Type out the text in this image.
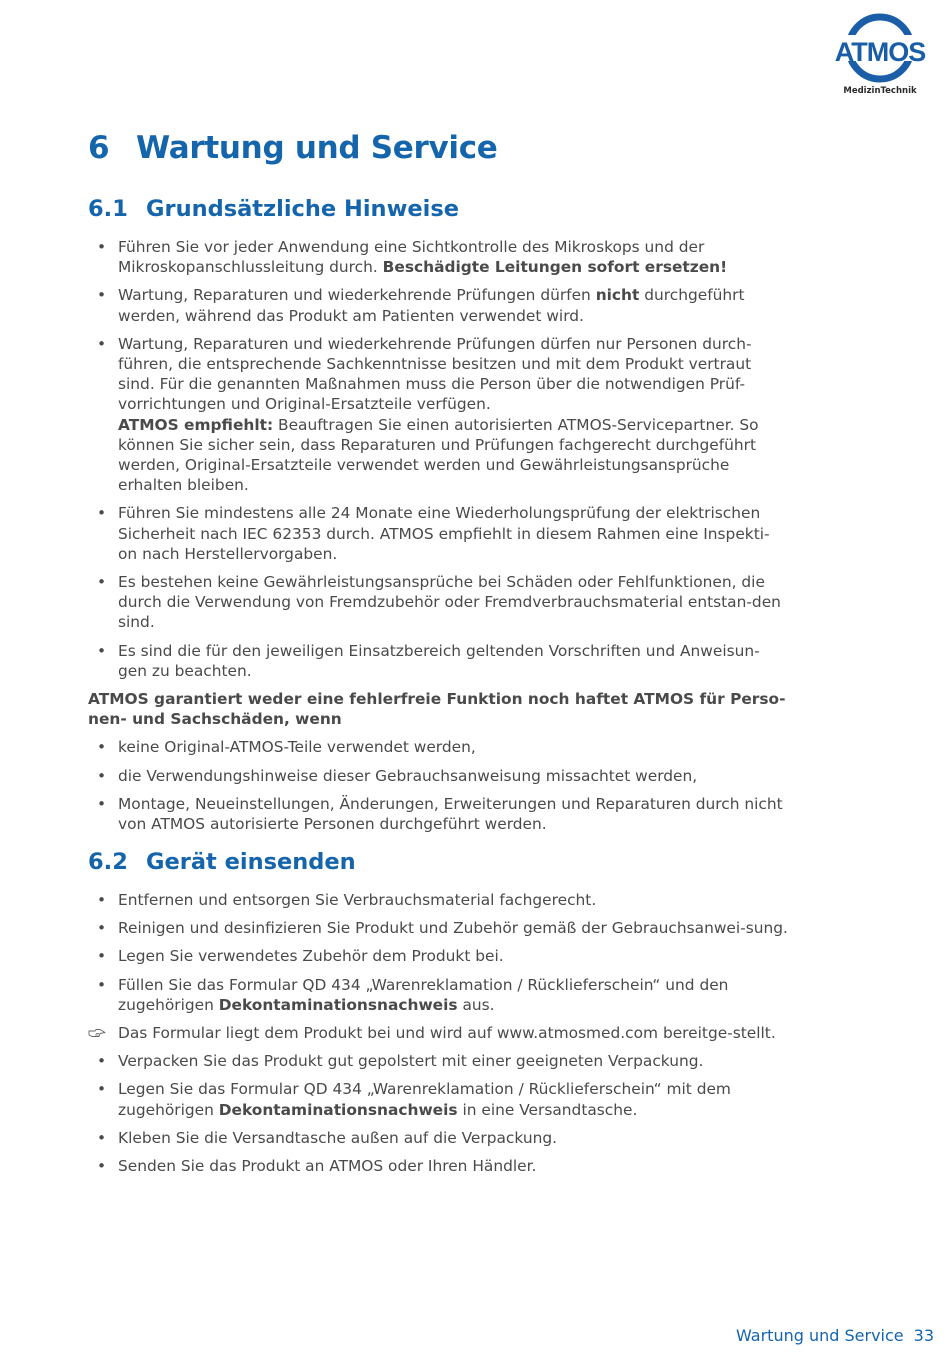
ATMOS
MedizinTechnik
6 Wartung und Service
6.1 Grundsätzliche Hinweise
• Führen Sie vor jeder Anwendung eine Sichtkontrolle des Mikroskops und der Mikroskopanschlussleitung durch. Beschädigte Leitungen sofort ersetzen!
• Wartung, Reparaturen und wiederkehrende Prüfungen dürfen nicht durchgeführt werden, während das Produkt am Patienten verwendet wird.
• Wartung, Reparaturen und wiederkehrende Prüfungen dürfen nur Personen durch-führen, die entsprechende Sachkenntnisse besitzen und mit dem Produkt vertraut sind. Für die genannten Maßnahmen muss die Person über die notwendigen Prüf-vorrichtungen und Original-Ersatzteile verfügen.
ATMOS empfiehlt: Beauftragen Sie einen autorisierten ATMOS-Servicepartner. So können Sie sicher sein, dass Reparaturen und Prüfungen fachgerecht durchgeführt werden, Original-Ersatzteile verwendet werden und Gewährleistungsansprüche erhalten bleiben.
• Führen Sie mindestens alle 24 Monate eine Wiederholungsprüfung der elektrischen Sicherheit nach IEC 62353 durch. ATMOS empfiehlt in diesem Rahmen eine Inspekti-on nach Herstellervorgaben.
• Es bestehen keine Gewährleistungsansprüche bei Schäden oder Fehlfunktionen, die durch die Verwendung von Fremdzubehör oder Fremdverbrauchsmaterial entstan-den sind.
• Es sind die für den jeweiligen Einsatzbereich geltenden Vorschriften und Anweisun-gen zu beachten.

ATMOS garantiert weder eine fehlerfreie Funktion noch haftet ATMOS für Perso-nen- und Sachschäden, wenn

• keine Original-ATMOS-Teile verwendet werden,
• die Verwendungshinweise dieser Gebrauchsanweisung missachtet werden,
• Montage, Neueinstellungen, Änderungen, Erweiterungen und Reparaturen durch nicht von ATMOS autorisierte Personen durchgeführt werden.
6.2 Gerät einsenden
• Entfernen und entsorgen Sie Verbrauchsmaterial fachgerecht.
• Reinigen und desinfizieren Sie Produkt und Zubehör gemäß der Gebrauchsanwei-sung.
• Legen Sie verwendetes Zubehör dem Produkt bei.
• Füllen Sie das Formular QD 434 „Warenreklamation / Rücklieferschein“ und den zugehörigen Dekontaminationsnachweis aus.
Das Formular liegt dem Produkt bei und wird auf www.atmosmed.com bereitge-stellt.
• Verpacken Sie das Produkt gut gepolstert mit einer geeigneten Verpackung.
• Legen Sie das Formular QD 434 „Warenreklamation / Rücklieferschein“ mit dem zugehörigen Dekontaminationsnachweis in eine Versandtasche.
• Kleben Sie die Versandtasche außen auf die Verpackung.
• Senden Sie das Produkt an ATMOS oder Ihren Händler.
Wartung und Service 33
